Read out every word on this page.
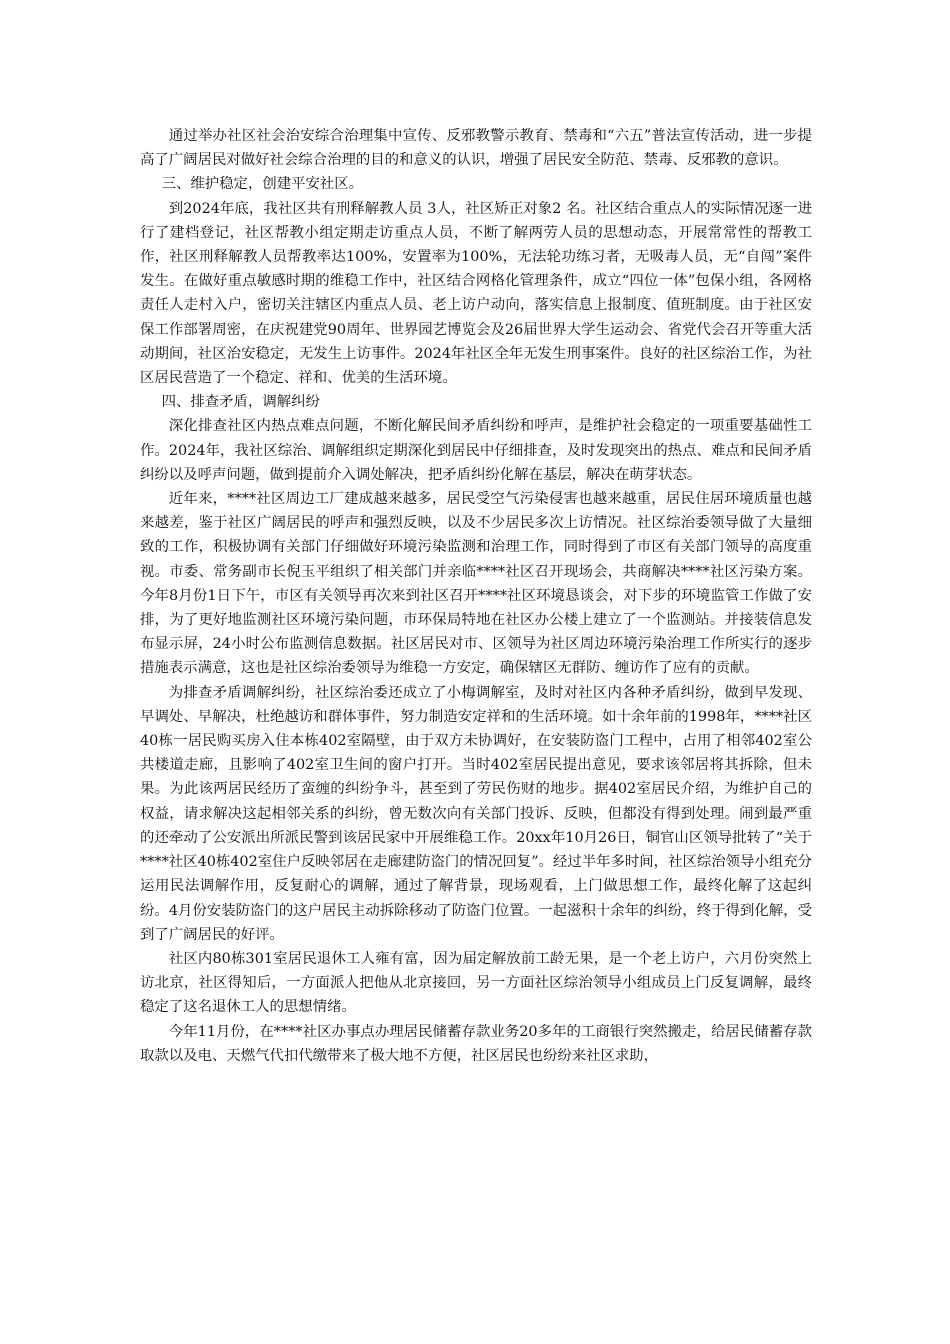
通过举办社区社会治安综合治理集中宣传、反邪教警示教育、禁毒和“六五”普法宣传活动，进一步提高了广阔居民对做好社会综合治理的目的和意义的认识，增强了居民安全防范、禁毒、反邪教的意识。

三、维护稳定，创建平安社区。

到2024年底，我社区共有刑释解教人员 3人，社区矫正对象2 名。社区结合重点人的实际情况逐一进行了建档登记，社区帮教小组定期走访重点人员，不断了解两劳人员的思想动态，开展常常性的帮教工作，社区刑释解教人员帮教率达100%，安置率为100%，无法轮功练习者，无吸毒人员，无“自闯”案件发生。在做好重点敏感时期的维稳工作中，社区结合网格化管理条件，成立“四位一体”包保小组，各网格责任人走村入户，密切关注辖区内重点人员、老上访户动向，落实信息上报制度、值班制度。由于社区安保工作部署周密，在庆祝建党90周年、世界园艺博览会及26届世界大学生运动会、省党代会召开等重大活动期间，社区治安稳定，无发生上访事件。2024年社区全年无发生刑事案件。良好的社区综治工作，为社区居民营造了一个稳定、祥和、优美的生活环境。

四、排查矛盾，调解纠纷

深化排查社区内热点难点问题，不断化解民间矛盾纠纷和呼声，是维护社会稳定的一项重要基础性工作。2024年，我社区综治、调解组织定期深化到居民中仔细排查，及时发现突出的热点、难点和民间矛盾纠纷以及呼声问题，做到提前介入调处解决，把矛盾纠纷化解在基层，解决在萌芽状态。

近年来，****社区周边工厂建成越来越多，居民受空气污染侵害也越来越重，居民住居环境质量也越来越差，鉴于社区广阔居民的呼声和强烈反映，以及不少居民多次上访情况。社区综治委领导做了大量细致的工作，积极协调有关部门仔细做好环境污染监测和治理工作，同时得到了市区有关部门领导的高度重视。市委、常务副市长倪玉平组织了相关部门并亲临****社区召开现场会，共商解决****社区污染方案。今年8月份1日下午，市区有关领导再次来到社区召开****社区环境恳谈会，对下步的环境监管工作做了安排，为了更好地监测社区环境污染问题，市环保局特地在社区办公楼上建立了一个监测站。并接装信息发布显示屏，24小时公布监测信息数据。社区居民对市、区领导为社区周边环境污染治理工作所实行的逐步措施表示满意，这也是社区综治委领导为维稳一方安定，确保辖区无群防、缠访作了应有的贡献。

为排查矛盾调解纠纷，社区综治委还成立了小梅调解室，及时对社区内各种矛盾纠纷，做到早发现、早调处、早解决，杜绝越访和群体事件，努力制造安定祥和的生活环境。如十余年前的1998年，****社区40栋一居民购买房入住本栋402室隔壁，由于双方未协调好，在安装防盗门工程中，占用了相邻402室公共楼道走廊，且影响了402室卫生间的窗户打开。当时402室居民提出意见，要求该邻居将其拆除，但未果。为此该两居民经历了蛮缠的纠纷争斗，甚至到了劳民伤财的地步。据402室居民介绍，为维护自己的权益，请求解决这起相邻关系的纠纷，曾无数次向有关部门投诉、反映，但都没有得到处理。闹到最严重的还牵动了公安派出所派民警到该居民家中开展维稳工作。20xx年10月26日，铜官山区领导批转了“关于****社区40栋402室住户反映邻居在走廊建防盗门的情况回复”。经过半年多时间，社区综治领导小组充分运用民法调解作用，反复耐心的调解，通过了解背景，现场观看，上门做思想工作，最终化解了这起纠纷。4月份安装防盗门的这户居民主动拆除移动了防盗门位置。一起滋积十余年的纠纷，终于得到化解，受到了广阔居民的好评。

社区内80栋301室居民退休工人雍有富，因为届定解放前工龄无果，是一个老上访户，六月份突然上访北京，社区得知后，一方面派人把他从北京接回，另一方面社区综治领导小组成员上门反复调解，最终稳定了这名退休工人的思想情绪。

今年11月份，在****社区办事点办理居民储蓄存款业务20多年的工商银行突然搬走，给居民储蓄存款取款以及电、天燃气代扣代缴带来了极大地不方便，社区居民也纷纷来社区求助，
